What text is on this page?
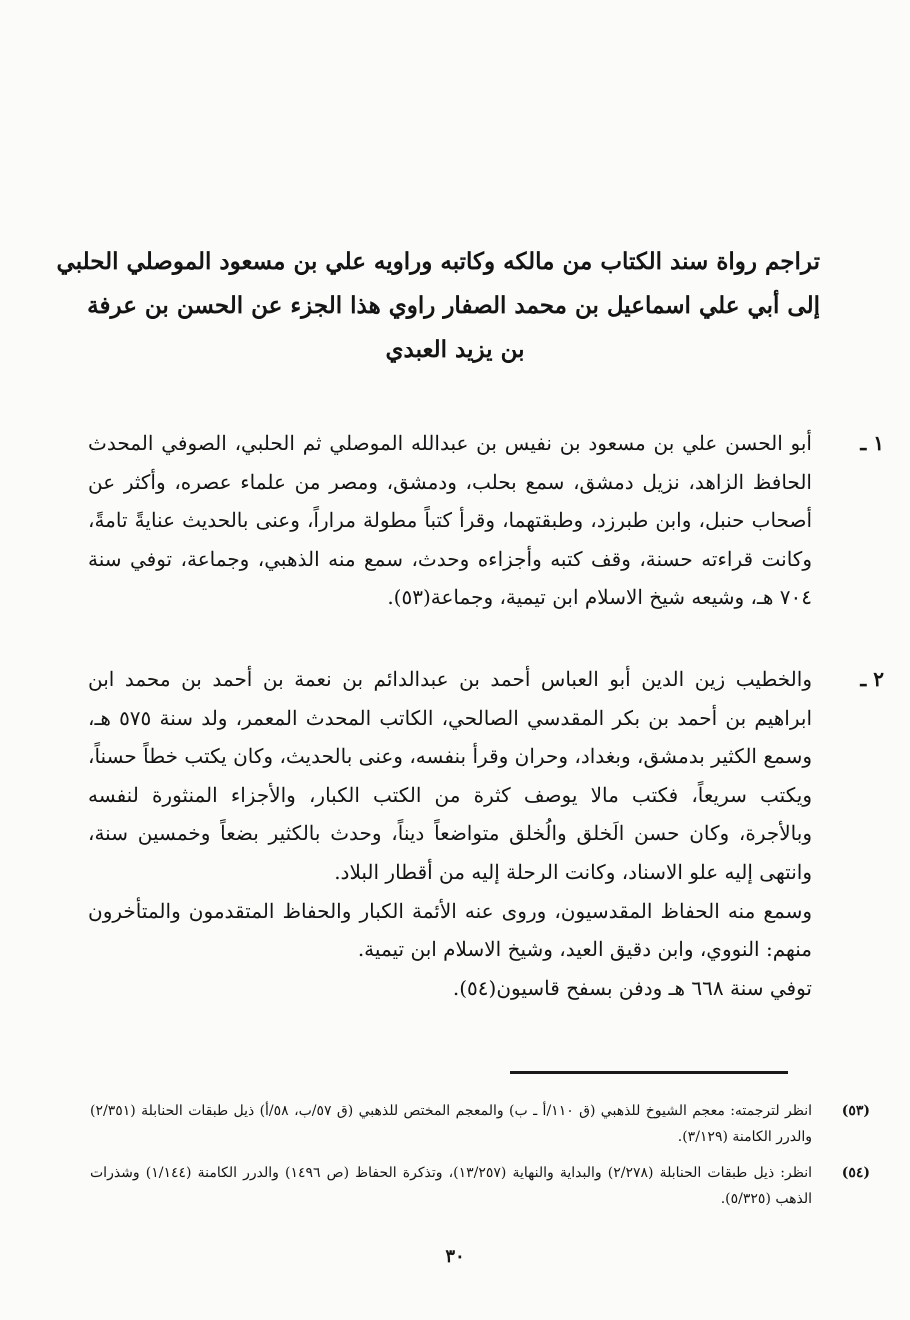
تراجم رواة سند الكتاب من مالكه وكاتبه وراويه علي بن مسعود الموصلي الحلبي
إلى أبي علي اسماعيل بن محمد الصفار راوي هذا الجزء عن الحسن بن عرفة
بن يزيد العبدي
١ ـ

أبو الحسن علي بن مسعود بن نفيس بن عبدالله الموصلي ثم الحلبي، الصوفي المحدث الحافظ الزاهد، نزيل دمشق، سمع بحلب، ودمشق، ومصر من علماء عصره، وأكثر عن أصحاب حنبل، وابن طبرزد، وطبقتهما، وقرأ كتباً مطولة مراراً، وعنى بالحديث عنايةً تامةً، وكانت قراءته حسنة، وقف كتبه وأجزاءه وحدث، سمع منه الذهبي، وجماعة، توفي سنة ٧٠٤ هـ، وشيعه شيخ الاسلام ابن تيمية، وجماعة(٥٣).

٢ ـ

والخطيب زين الدين أبو العباس أحمد بن عبدالدائم بن نعمة بن أحمد بن محمد ابن ابراهيم بن أحمد بن بكر المقدسي الصالحي، الكاتب المحدث المعمر، ولد سنة ٥٧٥ هـ، وسمع الكثير بدمشق، وبغداد، وحران وقرأ بنفسه، وعنى بالحديث، وكان يكتب خطاً حسناً، ويكتب سريعاً، فكتب مالا يوصف كثرة من الكتب الكبار، والأجزاء المنثورة لنفسه وبالأجرة، وكان حسن الَخلق والُخلق متواضعاً ديناً، وحدث بالكثير بضعاً وخمسين سنة، وانتهى إليه علو الاسناد، وكانت الرحلة إليه من أقطار البلاد.

وسمع منه الحفاظ المقدسيون، وروى عنه الأئمة الكبار والحفاظ المتقدمون والمتأخرون منهم: النووي، وابن دقيق العيد، وشيخ الاسلام ابن تيمية.

توفي سنة ٦٦٨ هـ ودفن بسفح قاسيون(٥٤).

(٥٣)
انظر لترجمته: معجم الشيوخ للذهبي (ق ١١٠/أ ـ ب) والمعجم المختص للذهبي (ق ٥٧/ب، ٥٨/أ) ذيل طبقات الحنابلة (٢/٣٥١) والدرر الكامنة (٣/١٢٩).
(٥٤)
انظر: ذيل طبقات الحنابلة (٢/٢٧٨) والبداية والنهاية (١٣/٢٥٧)، وتذكرة الحفاظ (ص ١٤٩٦) والدرر الكامنة (١/١٤٤) وشذرات الذهب (٥/٣٢٥).
٣٠
